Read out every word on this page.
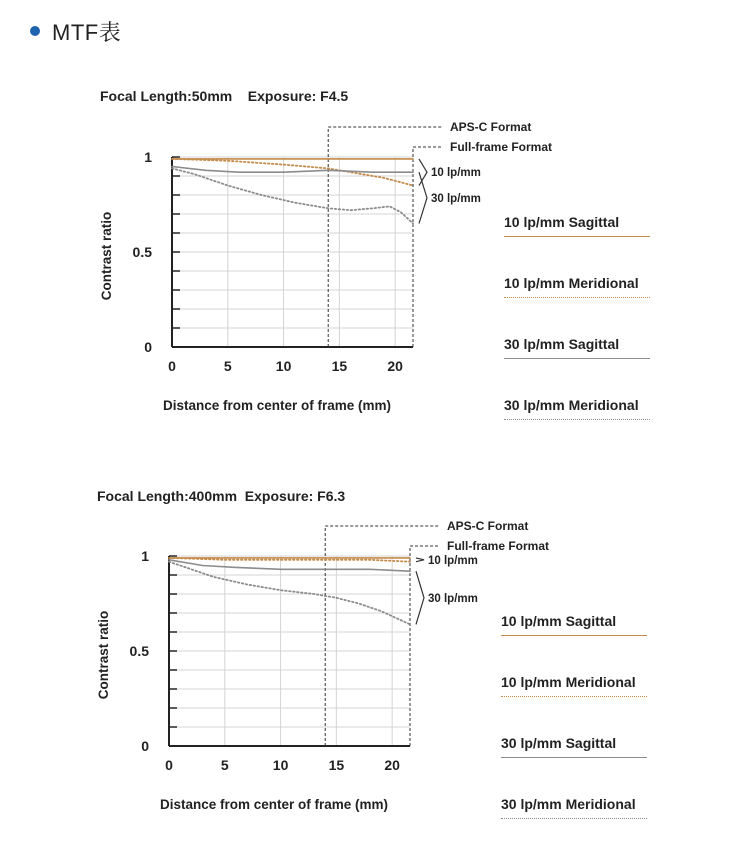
MTF表
Focal Length:50mm    Exposure: F4.5
0	5	10	15	20
0
0.5
1
Contrast ratio
APS-C Format
Full-frame Format
10 lp/mm
30 lp/mm
Distance from center of frame (mm)
10 lp/mm Sagittal
10 lp/mm Meridional
30 lp/mm Sagittal
30 lp/mm Meridional
Focal Length:400mm  Exposure: F6.3
0	5	10	15	20
0
0.5
1
Contrast ratio
APS-C Format
Full-frame Format
10 lp/mm
30 lp/mm
Distance from center of frame (mm)
10 lp/mm Sagittal
10 lp/mm Meridional
30 lp/mm Sagittal
30 lp/mm Meridional
